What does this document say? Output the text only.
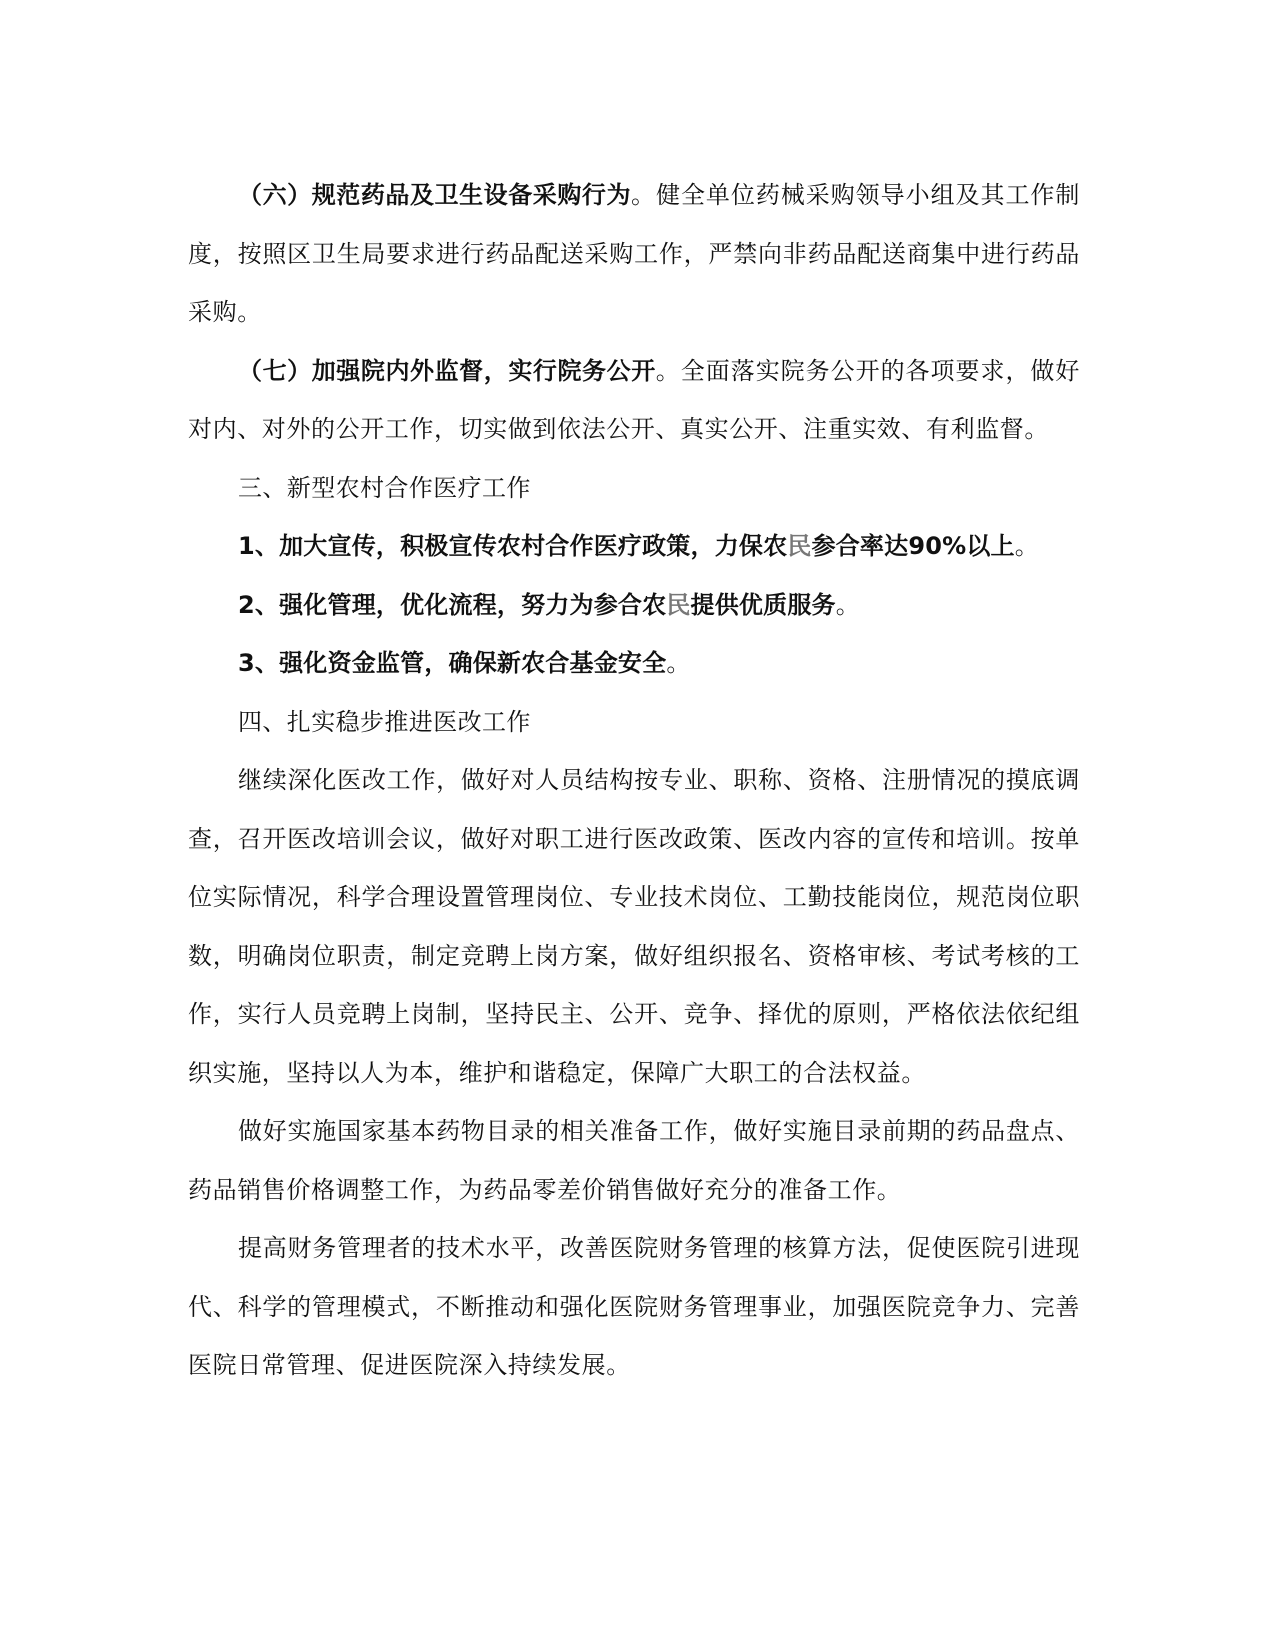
（六）规范药品及卫生设备采购行为。健全单位药械采购领导小组及其工作制度，按照区卫生局要求进行药品配送采购工作，严禁向非药品配送商集中进行药品采购。

（七）加强院内外监督，实行院务公开。全面落实院务公开的各项要求，做好对内、对外的公开工作，切实做到依法公开、真实公开、注重实效、有利监督。

三、新型农村合作医疗工作

1、加大宣传，积极宣传农村合作医疗政策，力保农民参合率达90%以上。

2、强化管理，优化流程，努力为参合农民提供优质服务。

3、强化资金监管，确保新农合基金安全。

四、扎实稳步推进医改工作

继续深化医改工作，做好对人员结构按专业、职称、资格、注册情况的摸底调查，召开医改培训会议，做好对职工进行医改政策、医改内容的宣传和培训。按单位实际情况，科学合理设置管理岗位、专业技术岗位、工勤技能岗位，规范岗位职数，明确岗位职责，制定竞聘上岗方案，做好组织报名、资格审核、考试考核的工作，实行人员竞聘上岗制，坚持民主、公开、竞争、择优的原则，严格依法依纪组织实施，坚持以人为本，维护和谐稳定，保障广大职工的合法权益。

做好实施国家基本药物目录的相关准备工作，做好实施目录前期的药品盘点、药品销售价格调整工作，为药品零差价销售做好充分的准备工作。

提高财务管理者的技术水平，改善医院财务管理的核算方法，促使医院引进现代、科学的管理模式，不断推动和强化医院财务管理事业，加强医院竞争力、完善医院日常管理、促进医院深入持续发展。
